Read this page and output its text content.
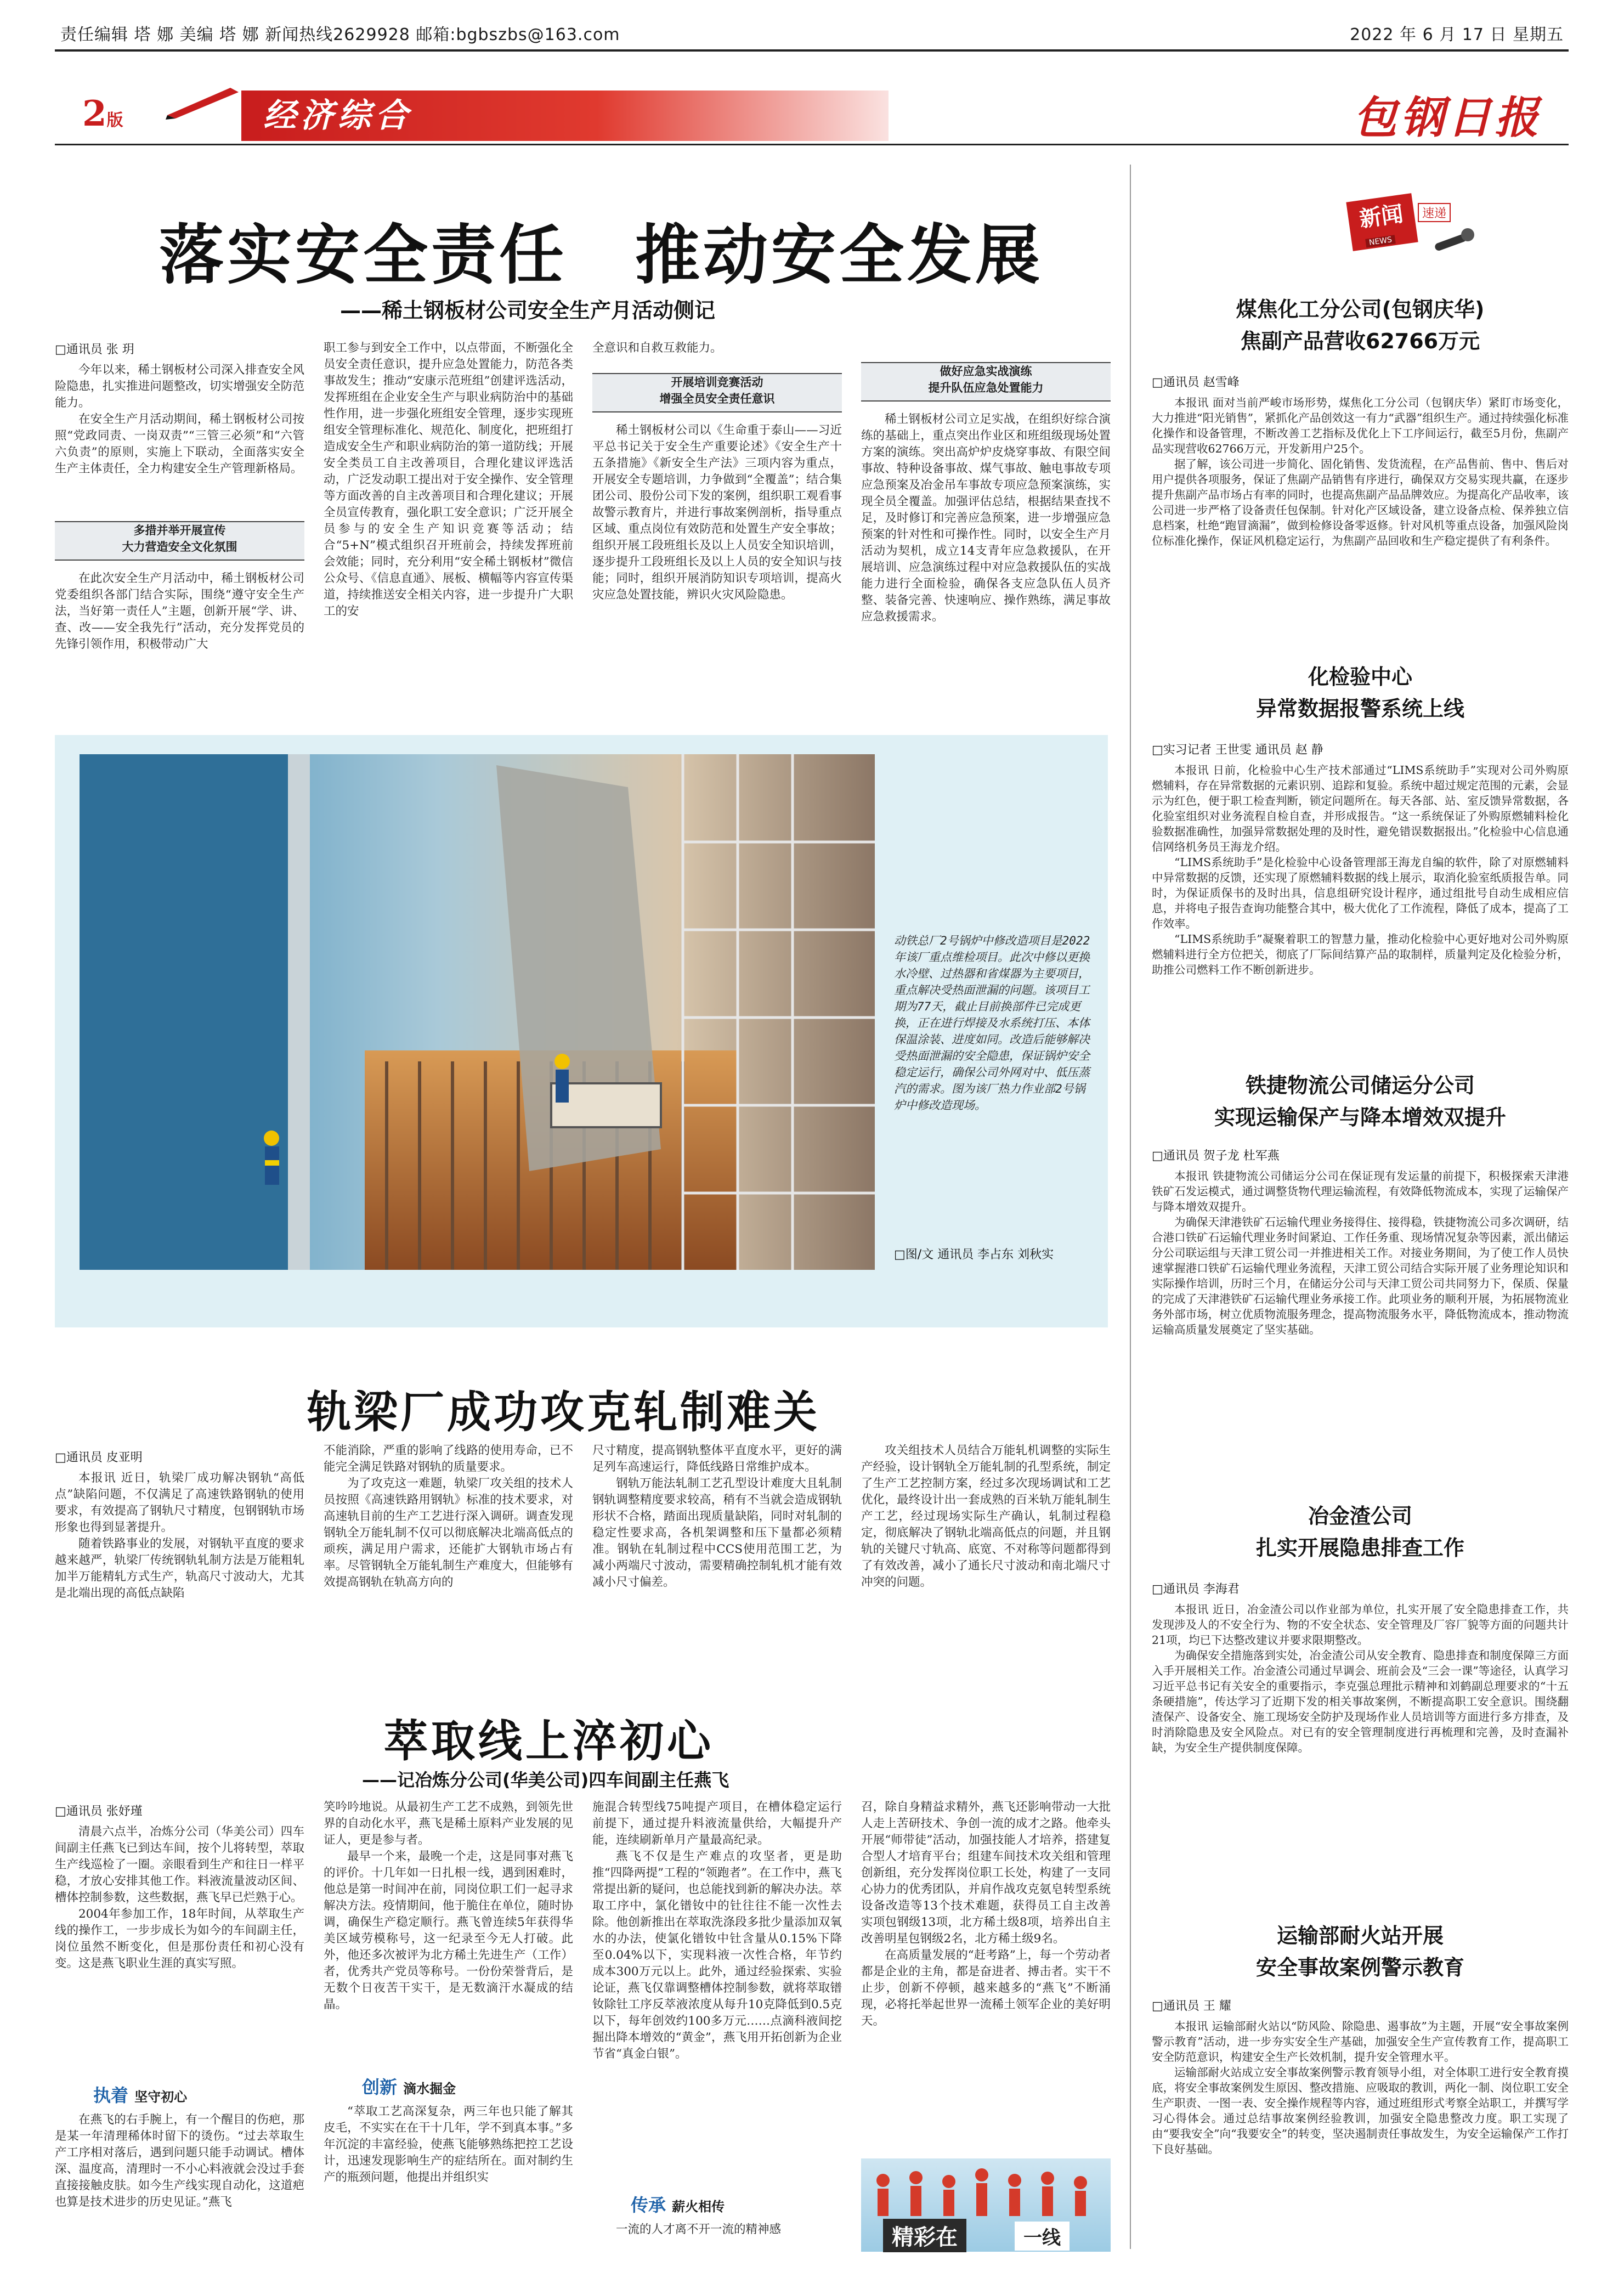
责任编辑 塔 娜 美编 塔 娜 新闻热线2629928 邮箱:bgbszbs@163.com	2022 年 6 月 17 日 星期五
2 版	经济综合	包钢日报
落实安全责任　推动安全发展
——稀土钢板材公司安全生产月活动侧记
□通讯员 张 玥

今年以来，稀土钢板材公司深入排查安全风险隐患，扎实推进问题整改，切实增强安全防范能力。

在安全生产月活动期间，稀土钢板材公司按照“党政同责、一岗双责”“三管三必须”和“六管六负责”的原则，实施上下联动，全面落实安全生产主体责任，全力构建安全生产管理新格局。

多措并举开展宣传
大力营造安全文化氛围

在此次安全生产月活动中，稀土钢板材公司党委组织各部门结合实际，围绕“遵守安全生产法，当好第一责任人”主题，创新开展“学、讲、查、改——安全我先行”活动，充分发挥党员的先锋引领作用，积极带动广大

职工参与到安全工作中，以点带面，不断强化全员安全责任意识，提升应急处置能力，防范各类事故发生；推动“安康示范班组”创建评选活动，发挥班组在企业安全生产与职业病防治中的基础性作用，进一步强化班组安全管理，逐步实现班组安全管理标准化、规范化、制度化，把班组打造成安全生产和职业病防治的第一道防线；开展安全类员工自主改善项目，合理化建议评选活动，广泛发动职工提出对于安全操作、安全管理等方面改善的自主改善项目和合理化建议；开展全员宣传教育，强化职工安全意识；广泛开展全员参与的安全生产知识竞赛等活动；结合“5+N”模式组织召开班前会，持续发挥班前会效能；同时，充分利用“安全稀土钢板材”微信公众号、《信息直通》、展板、横幅等内容宣传渠道，持续推送安全相关内容，进一步提升广大职工的安

全意识和自救互救能力。

开展培训竞赛活动
增强全员安全责任意识

稀土钢板材公司以《生命重于泰山——习近平总书记关于安全生产重要论述》《安全生产十五条措施》《新安全生产法》三项内容为重点，开展安全专题培训，力争做到“全覆盖”；结合集团公司、股份公司下发的案例，组织职工观看事故警示教育片，并进行事故案例剖析，指导重点区域、重点岗位有效防范和处置生产安全事故；组织开展工段班组长及以上人员安全知识培训，逐步提升工段班组长及以上人员的安全知识与技能；同时，组织开展消防知识专项培训，提高火灾应急处置技能，辨识火灾风险隐患。

做好应急实战演练
提升队伍应急处置能力

稀土钢板材公司立足实战，在组织好综合演练的基础上，重点突出作业区和班组级现场处置方案的演练。突出高炉炉皮烧穿事故、有限空间事故、特种设备事故、煤气事故、触电事故专项应急预案及冶金吊车事故专项应急预案演练，实现全员全覆盖。加强评估总结，根据结果查找不足，及时修订和完善应急预案，进一步增强应急预案的针对性和可操作性。同时，以安全生产月活动为契机，成立14支青年应急救援队，在开展培训、应急演练过程中对应急救援队伍的实战能力进行全面检验，确保各支应急队伍人员齐整、装备完善、快速响应、操作熟练，满足事故应急救援需求。

动铁总厂2号锅炉中修改造项目是2022年该厂重点维检项目。此次中修以更换水冷壁、过热器和省煤器为主要项目，重点解决受热面泄漏的问题。该项目工期为77天，截止目前换部件已完成更换，正在进行焊接及水系统打压、本体保温涂装、进度如同。改造后能够解决受热面泄漏的安全隐患，保证锅炉安全稳定运行，确保公司外网对中、低压蒸汽的需求。图为该厂热力作业部2号锅炉中修改造现场。
□图/文 通讯员 李占东 刘秋实
轨梁厂成功攻克轧制难关
□通讯员 皮亚明

本报讯 近日，轨梁厂成功解决钢轨“高低点”缺陷问题，不仅满足了高速铁路钢轨的使用要求，有效提高了钢轨尺寸精度，包钢钢轨市场形象也得到显著提升。

随着铁路事业的发展，对钢轨平直度的要求越来越严，轨梁厂传统钢轨轧制方法是万能粗轧加半万能精轧方式生产，轨高尺寸波动大，尤其是北端出现的高低点缺陷

不能消除，严重的影响了线路的使用寿命，已不能完全满足铁路对钢轨的质量要求。

为了攻克这一难题，轨梁厂攻关组的技术人员按照《高速铁路用钢轨》标准的技术要求，对高速轨目前的生产工艺进行深入调研。调查发现钢轨全万能轧制不仅可以彻底解决北端高低点的顽疾，满足用户需求，还能扩大钢轨市场占有率。尽管钢轨全万能轧制生产难度大，但能够有效提高钢轨在轨高方向的

尺寸精度，提高钢轨整体平直度水平，更好的满足列车高速运行，降低线路日常维护成本。

钢轨万能法轧制工艺孔型设计难度大且轧制钢轨调整精度要求较高，稍有不当就会造成钢轨形状不合格，踏面出现质量缺陷，同时对轧制的稳定性要求高，各机架调整和压下量都必须精准。钢轨在轧制过程中CCS使用范围工艺，为减小两端尺寸波动，需要精确控制轧机才能有效减小尺寸偏差。

攻关组技术人员结合万能轧机调整的实际生产经验，设计钢轨全万能轧制的孔型系统，制定了生产工艺控制方案，经过多次现场调试和工艺优化，最终设计出一套成熟的百米轨万能轧制生产工艺，经过现场实际生产确认，轧制过程稳定，彻底解决了钢轨北端高低点的问题，并且钢轨的关键尺寸轨高、底宽、不对称等问题都得到了有效改善，减小了通长尺寸波动和南北端尺寸冲突的问题。

萃取线上淬初心
——记冶炼分公司(华美公司)四车间副主任燕飞
□通讯员 张妤瑾

清晨六点半，冶炼分公司（华美公司）四车间副主任燕飞已到达车间，按个儿将转型，萃取生产线巡检了一圈。亲眼看到生产和往日一样平稳，才放心安排其他工作。料液流量波动区间、槽体控制参数，这些数据，燕飞早已烂熟于心。

2004年参加工作，18年时间，从萃取生产线的操作工，一步步成长为如今的车间副主任，岗位虽然不断变化，但是那份责任和初心没有变。这是燕飞职业生涯的真实写照。

执着 坚守初心

在燕飞的右手腕上，有一个醒目的伤疤，那是某一年清理稀体时留下的烫伤。“过去萃取生产工序相对落后，遇到问题只能手动调试。槽体深、温度高，清理时一不小心料液就会没过手套直接接触皮肤。如今生产线实现自动化，这道疤也算是技术进步的历史见证。”燕飞

笑吟吟地说。从最初生产工艺不成熟，到领先世界的自动化水平，燕飞是稀土原料产业发展的见证人，更是参与者。

最早一个来，最晚一个走，这是同事对燕飞的评价。十几年如一日扎根一线，遇到困难时，他总是第一时间冲在前，同岗位职工们一起寻求解决方法。疫情期间，他于脆住在单位，随时协调，确保生产稳定顺行。燕飞曾连续5年获得华美区域劳模称号，这一纪录至今无人打破。此外，他还多次被评为北方稀土先进生产（工作）者，优秀共产党员等称号。一份份荣誉背后，是无数个日夜苦干实干，是无数滴汗水凝成的结晶。

创新 滴水掘金

“萃取工艺高深复杂，两三年也只能了解其皮毛，不实实在在干十几年，学不到真本事。”多年沉淀的丰富经验，使燕飞能够熟练把控工艺设计，迅速发现影响生产的症结所在。面对制约生产的瓶颈问题，他提出并组织实

施混合转型线75吨提产项目，在槽体稳定运行前提下，通过提升料液流量供给，大幅提升产能，连续刷新单月产量最高纪录。

燕飞不仅是生产难点的攻坚者，更是助推“四降两提”工程的“领跑者”。在工作中，燕飞常提出新的疑问，也总能找到新的解决办法。萃取工序中，氯化镨钕中的钍往往不能一次性去除。他创新推出在萃取洗涤段多批少量添加双氧水的办法，使氯化镨钕中钍含量从0.15%下降至0.04%以下，实现料液一次性合格，年节约成本300万元以上。此外，通过经验探索、实验论证，燕飞仅靠调整槽体控制参数，就将萃取镨钕除钍工序反萃液浓度从每升10克降低到0.5克以下，每年创效约100多万元……点滴科液间挖掘出降本增效的“黄金”，燕飞用开拓创新为企业节省“真金白银”。

传承 薪火相传

一流的人才离不开一流的精神感

召，除自身精益求精外，燕飞还影响带动一大批人走上苦研技术、争创一流的成才之路。他牵头开展“师带徒”活动，加强技能人才培养，搭建复合型人才培育平台；组建车间技术攻关组和管理创新组，充分发挥岗位职工长处，构建了一支同心协力的优秀团队，并肩作战攻克氨皂转型系统设备改造等13个技术难题，获得员工自主改善实项包钢级13项，北方稀土级8项，培养出自主改善明星包钢级2名，北方稀土级9名。

在高质量发展的“赶考路”上，每一个劳动者都是企业的主角，都是奋进者、搏击者。实干不止步，创新不停顿，越来越多的“燕飞”不断涌现，必将托举起世界一流稀土领军企业的美好明天。

精彩在	一线
新闻	速递
NEWS
煤焦化工分公司(包钢庆华)
焦副产品营收62766万元
□通讯员 赵雪峰

本报讯 面对当前严峻市场形势，煤焦化工分公司（包钢庆华）紧盯市场变化，大力推进“阳光销售”，紧抓化产品创效这一有力“武器”组织生产。通过持续强化标准化操作和设备管理，不断改善工艺指标及优化上下工序间运行，截至5月份，焦副产品实现营收62766万元，开发新用户25个。

据了解，该公司进一步简化、固化销售、发货流程，在产品售前、售中、售后对用户提供各项服务，保证了焦副产品销售有序进行，确保双方交易实现共赢，在逐步提升焦副产品市场占有率的同时，也提高焦副产品品牌效应。为提高化产品收率，该公司进一步严格了设备责任包保制。针对化产区域设备，建立设备点检、保养独立信息档案，杜绝“跑冒滴漏”，做到检修设备零返修。针对风机等重点设备，加强风险岗位标准化操作，保证风机稳定运行，为焦副产品回收和生产稳定提供了有利条件。

化检验中心
异常数据报警系统上线
□实习记者 王世雯 通讯员 赵 静

本报讯 日前，化检验中心生产技术部通过“LIMS系统助手”实现对公司外购原燃辅料，存在异常数据的元素识别、追踪和复验。系统中超过规定范围的元素，会显示为红色，便于职工检查判断，锁定问题所在。每天各部、站、室反馈异常数据，各化验室组织对业务流程自检自查，并形成报告。“这一系统保证了外购原燃辅料检化验数据准确性，加强异常数据处理的及时性，避免错误数据报出。”化检验中心信息通信网络机务员王海龙介绍。

“LIMS系统助手”是化检验中心设备管理部王海龙自编的软件，除了对原燃辅料中异常数据的反馈，还实现了原燃辅料数据的线上展示，取消化验室纸质报告单。同时，为保证质保书的及时出具，信息组研究设计程序，通过组批号自动生成相应信息，并将电子报告查询功能整合其中，极大优化了工作流程，降低了成本，提高了工作效率。

“LIMS系统助手”凝聚着职工的智慧力量，推动化检验中心更好地对公司外购原燃辅料进行全方位把关，彻底了厂际间结算产品的取制样，质量判定及化检验分析，助推公司燃料工作不断创新进步。

铁捷物流公司储运分公司
实现运输保产与降本增效双提升
□通讯员 贺子龙 杜军燕

本报讯 铁捷物流公司储运分公司在保证现有发运量的前提下，积极探索天津港铁矿石发运模式，通过调整货物代理运输流程，有效降低物流成本，实现了运输保产与降本增效双提升。

为确保天津港铁矿石运输代理业务接得住、接得稳，铁捷物流公司多次调研，结合港口铁矿石运输代理业务时间紧迫、工作任务重、现场情况复杂等因素，派出储运分公司联运组与天津工贸公司一并推进相关工作。对接业务期间，为了使工作人员快速掌握港口铁矿石运输代理业务流程，天津工贸公司结合实际开展了业务理论知识和实际操作培训，历时三个月，在储运分公司与天津工贸公司共同努力下，保质、保量的完成了天津港铁矿石运输代理业务承接工作。此项业务的顺利开展，为拓展物流业务外部市场，树立优质物流服务理念，提高物流服务水平，降低物流成本，推动物流运输高质量发展奠定了坚实基础。

冶金渣公司
扎实开展隐患排查工作
□通讯员 李海君

本报讯 近日，冶金渣公司以作业部为单位，扎实开展了安全隐患排查工作，共发现涉及人的不安全行为、物的不安全状态、安全管理及厂容厂貌等方面的问题共计21项，均已下达整改建议并要求限期整改。

为确保安全措施落到实处，冶金渣公司从安全教育、隐患排查和制度保障三方面入手开展相关工作。冶金渣公司通过早调会、班前会及“三会一课”等途径，认真学习习近平总书记有关安全的重要指示，李克强总理批示精神和刘鹤副总理要求的“十五条硬措施”，传达学习了近期下发的相关事故案例，不断提高职工安全意识。围绕翻渣保产、设备安全、施工现场安全防护及现场作业人员培训等方面进行多方排查，及时消除隐患及安全风险点。对已有的安全管理制度进行再梳理和完善，及时查漏补缺，为安全生产提供制度保障。

运输部耐火站开展
安全事故案例警示教育
□通讯员 王 耀

本报讯 运输部耐火站以“防风险、除隐患、遏事故”为主题，开展“安全事故案例警示教育”活动，进一步夯实安全生产基础，加强安全生产宣传教育工作，提高职工安全防范意识，构建安全生产长效机制，提升安全管理水平。

运输部耐火站成立安全事故案例警示教育领导小组，对全体职工进行安全教育摸底，将安全事故案例发生原因、整改措施、应吸取的教训，两化一制、岗位职工安全生产职责、一图一表、安全操作规程等内容，通过班组形式考察全站职工，并撰写学习心得体会。通过总结事故案例经验教训，加强安全隐患整改力度。职工实现了由“要我安全”向“我要安全”的转变，坚决遏制责任事故发生，为安全运输保产工作打下良好基础。
